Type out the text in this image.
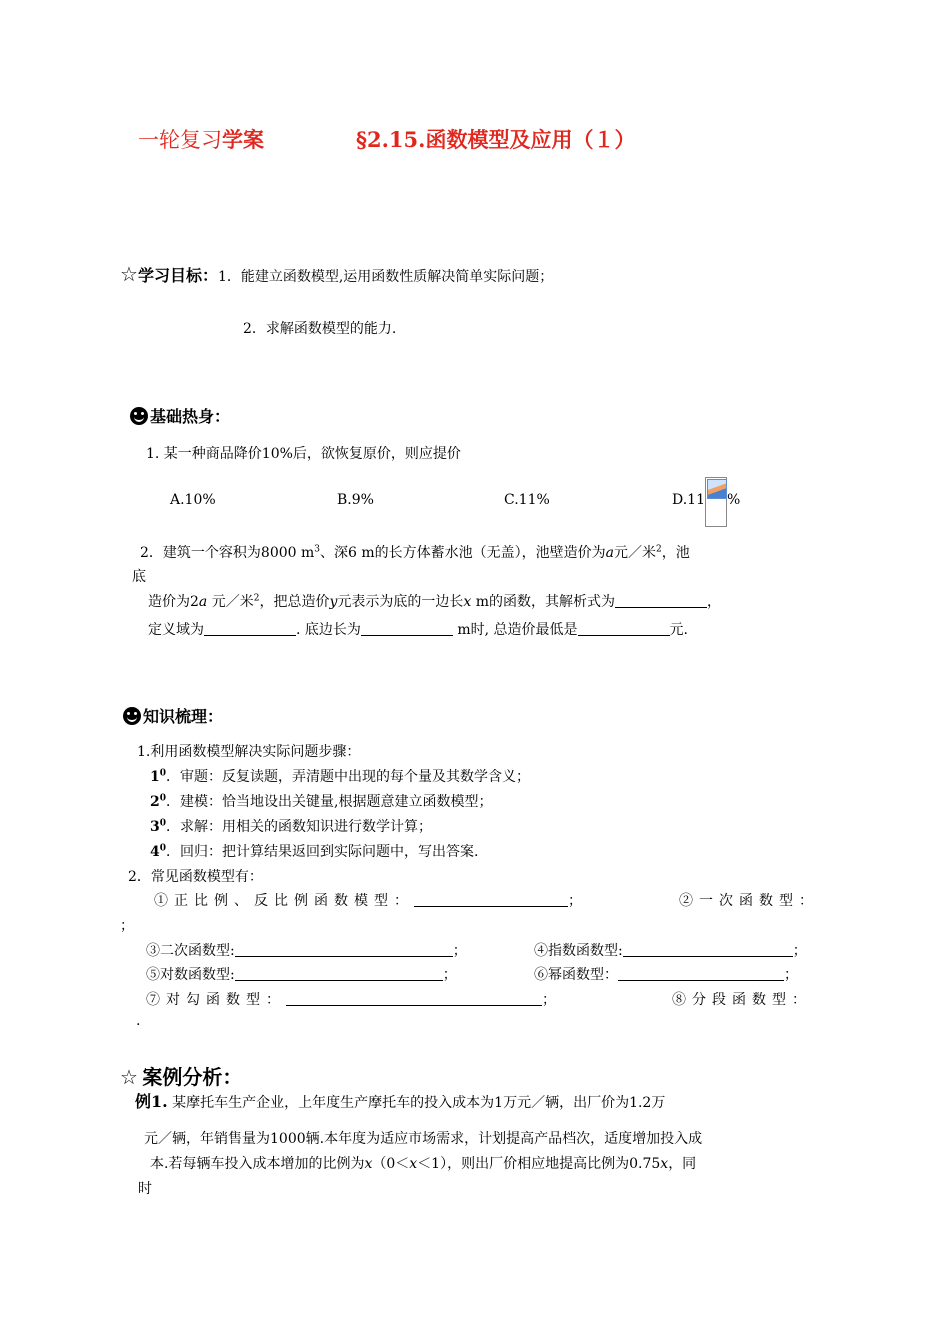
一轮复习学案	§2.15.函数模型及应用（１）
☆学习目标：1．能建立函数模型,运用函数性质解决简单实际问题；
2．求解函数模型的能力.
基础热身：
1. 某一种商品降价10%后，欲恢复原价，则应提价
A.10%	B.9%	C.11%	D.11 %
2．建筑一个容积为8000 $m^3$、深6 m的长方体蓄水池（无盖），池壁造价为a元／米$^2$，池
底
造价为2a 元／米$^2$，把总造价y元表示为底的一边长x m的函数，其解析式为	，
定义域为	. 底边长为	m时, 总造价最低是	元.
知识梳理：
1.利用函数模型解决实际问题步骤：
$1^0$．审题：反复读题，弄清题中出现的每个量及其数学含义；
$2^0$．建模：恰当地设出关键量,根据题意建立函数模型；
$3^0$．求解：用相关的函数知识进行数学计算；
$4^0$．回归：把计算结果返回到实际问题中，写出答案.
2．常见函数模型有：
①正比例、反比例函数模型：	；	②一次函数型：
；
③二次函数型:	；	④指数函数型:	；
⑤对数函数型:	；	⑥幂函数型：	；
⑦对勾函数型：	；	⑧分段函数型：
.
☆ 案例分析：
例1. 某摩托车生产企业，上年度生产摩托车的投入成本为1万元／辆，出厂价为1.2万
元／辆，年销售量为1000辆.本年度为适应市场需求，计划提高产品档次，适度增加投入成
本.若每辆车投入成本增加的比例为x（0＜x＜1），则出厂价相应地提高比例为0.75x，同
时
